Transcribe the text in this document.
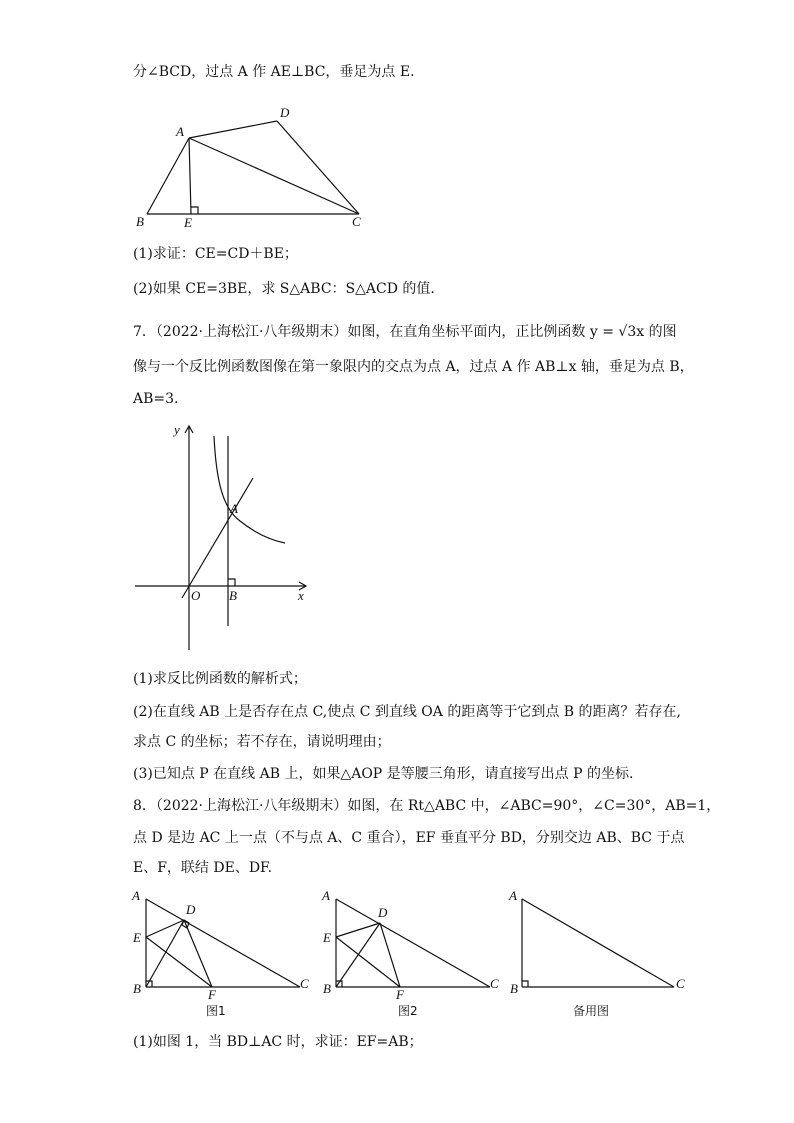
分∠BCD，过点 A 作 AE⊥BC，垂足为点 E.
A
D
B	E	C
(1)求证：CE=CD＋BE；
(2)如果 CE=3BE，求 S△ABC：S△ACD 的值.
7．（2022·上海松江·八年级期末）如图，在直角坐标平面内，正比例函数 y = √3x 的图
像与一个反比例函数图像在第一象限内的交点为点 A，过点 A 作 AB⊥x 轴，垂足为点 B，
AB=3.
y
x
O
A
B
(1)求反比例函数的解析式；
(2)在直线 AB 上是否存在点 C,使点 C 到直线 OA 的距离等于它到点 B 的距离？若存在,
求点 C 的坐标；若不存在，请说明理由；
(3)已知点 P 在直线 AB 上，如果△AOP 是等腰三角形，请直接写出点 P 的坐标.
8．（2022·上海松江·八年级期末）如图，在 Rt△ABC 中，∠ABC=90°，∠C=30°，AB=1，
点 D 是边 AC 上一点（不与点 A、C 重合），EF 垂直平分 BD，分别交边 AB、BC 于点
E、F，联结 DE、DF.
A
D
E
B	F
C
图1
A
D
E
B	F
C
图2
A
B	C
备用图
(1)如图 1，当 BD⊥AC 时，求证：EF=AB；
